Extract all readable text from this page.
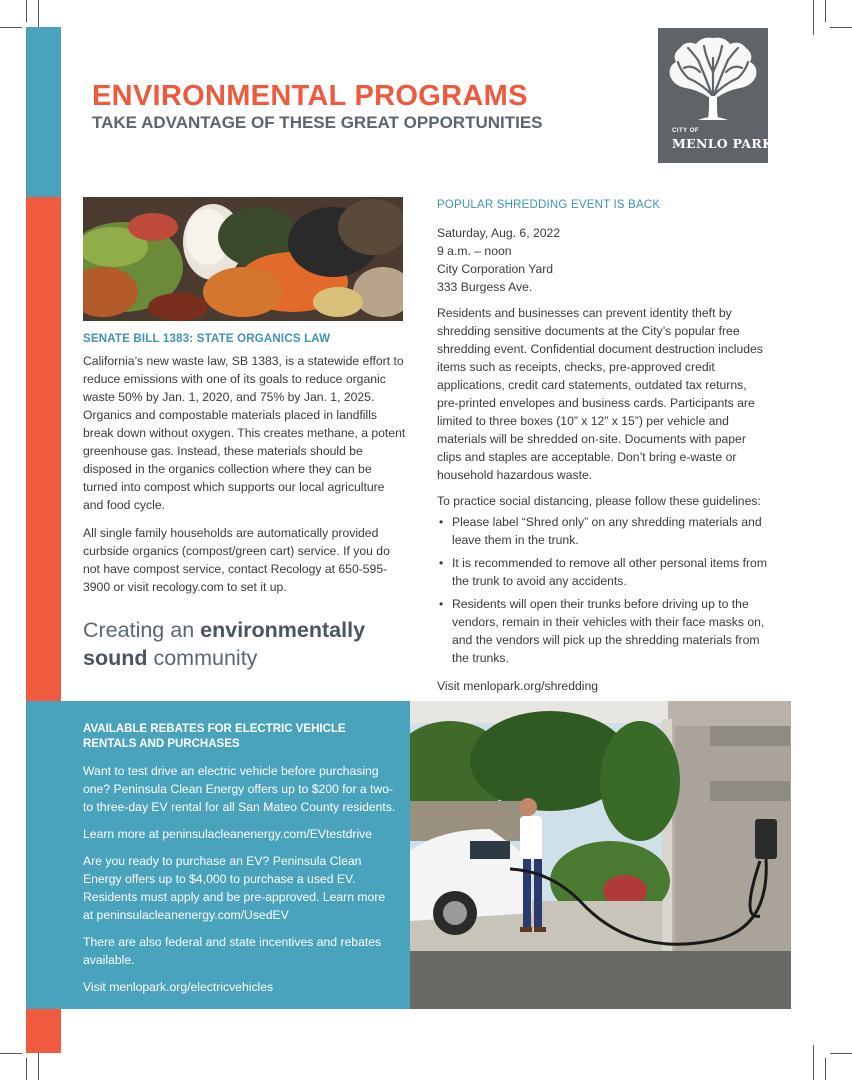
ENVIRONMENTAL PROGRAMS
TAKE ADVANTAGE OF THESE GREAT OPPORTUNITIES	CITY OF
MENLO PARK
SENATE BILL 1383: STATE ORGANICS LAW

California’s new waste law, SB 1383, is a statewide effort to reduce emissions with one of its goals to reduce organic waste 50% by Jan. 1, 2020, and 75% by Jan. 1, 2025. Organics and compostable materials placed in landfills break down without oxygen. This creates methane, a potent greenhouse gas. Instead, these materials should be disposed in the organics collection where they can be turned into compost which supports our local agriculture and food cycle.

All single family households are automatically provided curbside organics (compost/green cart) service. If you do not have compost service, contact Recology at 650-595-3900 or visit recology.com to set it up.

Creating an environmentally
sound community
POPULAR SHREDDING EVENT IS BACK
Saturday, Aug. 6, 2022
9 a.m. – noon
City Corporation Yard
333 Burgess Ave.

Residents and businesses can prevent identity theft by shredding sensitive documents at the City’s popular free shredding event. Confidential document destruction includes items such as receipts, checks, pre-approved credit applications, credit card statements, outdated tax returns, pre-printed envelopes and business cards. Participants are limited to three boxes (10” x 12” x 15”) per vehicle and materials will be shredded on-site. Documents with paper clips and staples are acceptable. Don’t bring e-waste or household hazardous waste.

To practice social distancing, please follow these guidelines:

• Please label “Shred only” on any shredding materials and leave them in the trunk.
• It is recommended to remove all other personal items from the trunk to avoid any accidents.
• Residents will open their trunks before driving up to the vendors, remain in their vehicles with their face masks on, and the vendors will pick up the shredding materials from the trunks.

Visit menlopark.org/shredding

AVAILABLE REBATES FOR ELECTRIC VEHICLE
RENTALS AND PURCHASES

Want to test drive an electric vehicle before purchasing one? Peninsula Clean Energy offers up to $200 for a two- to three-day EV rental for all San Mateo County residents.

Learn more at peninsulacleanenergy.com/EVtestdrive

Are you ready to purchase an EV? Peninsula Clean Energy offers up to $4,000 to purchase a used EV. Residents must apply and be pre-approved. Learn more at peninsulacleanenergy.com/UsedEV

There are also federal and state incentives and rebates available.

Visit menlopark.org/electricvehicles
